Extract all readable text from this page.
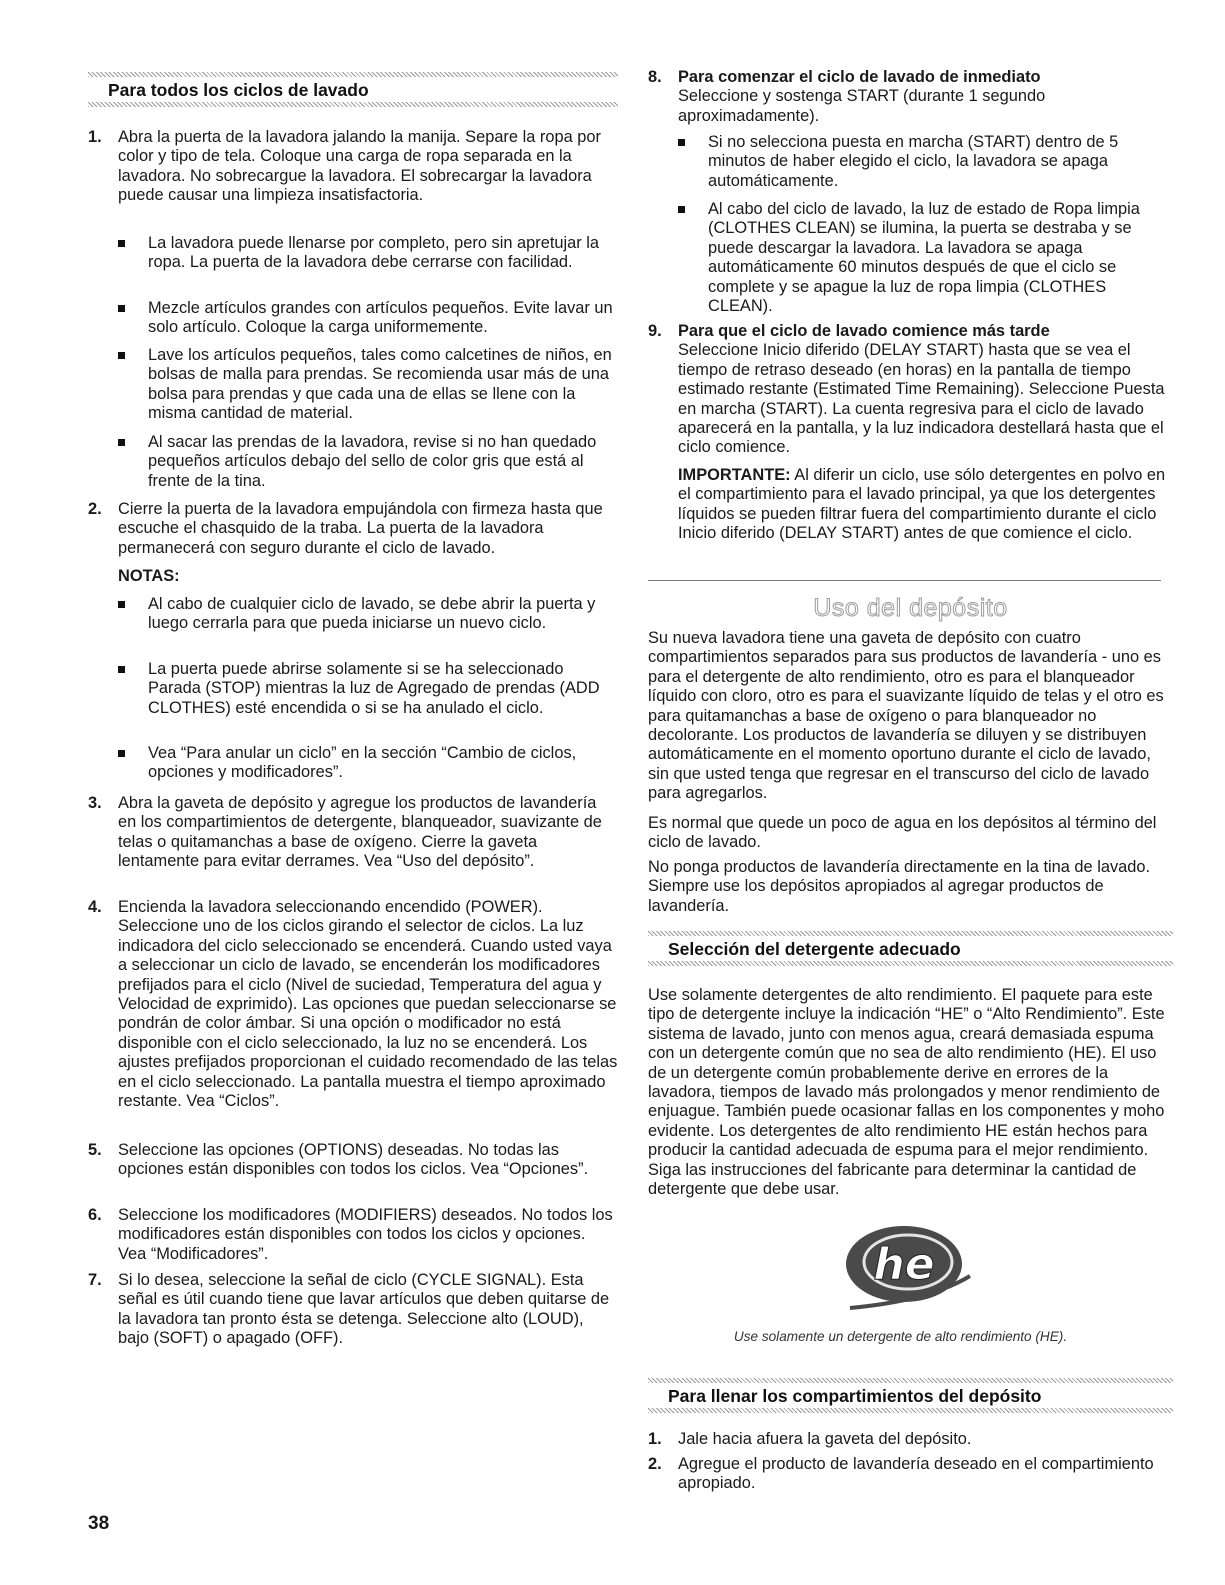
Para todos los ciclos de lavado
1. Abra la puerta de la lavadora jalando la manija. Separe la ropa por color y tipo de tela. Coloque una carga de ropa separada en la lavadora. No sobrecargue la lavadora. El sobrecargar la lavadora puede causar una limpieza insatisfactoria.
La lavadora puede llenarse por completo, pero sin apretujar la ropa. La puerta de la lavadora debe cerrarse con facilidad.
Mezcle artículos grandes con artículos pequeños. Evite lavar un solo artículo. Coloque la carga uniformemente.
Lave los artículos pequeños, tales como calcetines de niños, en bolsas de malla para prendas. Se recomienda usar más de una bolsa para prendas y que cada una de ellas se llene con la misma cantidad de material.
Al sacar las prendas de la lavadora, revise si no han quedado pequeños artículos debajo del sello de color gris que está al frente de la tina.
2. Cierre la puerta de la lavadora empujándola con firmeza hasta que escuche el chasquido de la traba. La puerta de la lavadora permanecerá con seguro durante el ciclo de lavado.
NOTAS:
Al cabo de cualquier ciclo de lavado, se debe abrir la puerta y luego cerrarla para que pueda iniciarse un nuevo ciclo.
La puerta puede abrirse solamente si se ha seleccionado Parada (STOP) mientras la luz de Agregado de prendas (ADD CLOTHES) esté encendida o si se ha anulado el ciclo.
Vea “Para anular un ciclo” en la sección “Cambio de ciclos, opciones y modificadores”.
3. Abra la gaveta de depósito y agregue los productos de lavandería en los compartimientos de detergente, blanqueador, suavizante de telas o quitamanchas a base de oxígeno. Cierre la gaveta lentamente para evitar derrames. Vea “Uso del depósito”.
4. Encienda la lavadora seleccionando encendido (POWER). Seleccione uno de los ciclos girando el selector de ciclos. La luz indicadora del ciclo seleccionado se encenderá. Cuando usted vaya a seleccionar un ciclo de lavado, se encenderán los modificadores prefijados para el ciclo (Nivel de suciedad, Temperatura del agua y Velocidad de exprimido). Las opciones que puedan seleccionarse se pondrán de color ámbar. Si una opción o modificador no está disponible con el ciclo seleccionado, la luz no se encenderá. Los ajustes prefijados proporcionan el cuidado recomendado de las telas en el ciclo seleccionado. La pantalla muestra el tiempo aproximado restante. Vea “Ciclos”.
5. Seleccione las opciones (OPTIONS) deseadas. No todas las opciones están disponibles con todos los ciclos. Vea “Opciones”.
6. Seleccione los modificadores (MODIFIERS) deseados. No todos los modificadores están disponibles con todos los ciclos y opciones. Vea “Modificadores”.
7. Si lo desea, seleccione la señal de ciclo (CYCLE SIGNAL). Esta señal es útil cuando tiene que lavar artículos que deben quitarse de la lavadora tan pronto ésta se detenga. Seleccione alto (LOUD), bajo (SOFT) o apagado (OFF).
8. Para comenzar el ciclo de lavado de inmediato
Seleccione y sostenga START (durante 1 segundo aproximadamente).
Si no selecciona puesta en marcha (START) dentro de 5 minutos de haber elegido el ciclo, la lavadora se apaga automáticamente.
Al cabo del ciclo de lavado, la luz de estado de Ropa limpia (CLOTHES CLEAN) se ilumina, la puerta se destraba y se puede descargar la lavadora. La lavadora se apaga automáticamente 60 minutos después de que el ciclo se complete y se apague la luz de ropa limpia (CLOTHES CLEAN).
9. Para que el ciclo de lavado comience más tarde
Seleccione Inicio diferido (DELAY START) hasta que se vea el tiempo de retraso deseado (en horas) en la pantalla de tiempo estimado restante (Estimated Time Remaining). Seleccione Puesta en marcha (START). La cuenta regresiva para el ciclo de lavado aparecerá en la pantalla, y la luz indicadora destellará hasta que el ciclo comience.

IMPORTANTE: Al diferir un ciclo, use sólo detergentes en polvo en el compartimiento para el lavado principal, ya que los detergentes líquidos se pueden filtrar fuera del compartimiento durante el ciclo Inicio diferido (DELAY START) antes de que comience el ciclo.

Uso del depósito

Su nueva lavadora tiene una gaveta de depósito con cuatro compartimientos separados para sus productos de lavandería - uno es para el detergente de alto rendimiento, otro es para el blanqueador líquido con cloro, otro es para el suavizante líquido de telas y el otro es para quitamanchas a base de oxígeno o para blanqueador no decolorante. Los productos de lavandería se diluyen y se distribuyen automáticamente en el momento oportuno durante el ciclo de lavado, sin que usted tenga que regresar en el transcurso del ciclo de lavado para agregarlos.

Es normal que quede un poco de agua en los depósitos al término del ciclo de lavado.

No ponga productos de lavandería directamente en la tina de lavado. Siempre use los depósitos apropiados al agregar productos de lavandería.

Selección del detergente adecuado

Use solamente detergentes de alto rendimiento. El paquete para este tipo de detergente incluye la indicación “HE” o “Alto Rendimiento”. Este sistema de lavado, junto con menos agua, creará demasiada espuma con un detergente común que no sea de alto rendimiento (HE). El uso de un detergente común probablemente derive en errores de la lavadora, tiempos de lavado más prolongados y menor rendimiento de enjuague. También puede ocasionar fallas en los componentes y moho evidente. Los detergentes de alto rendimiento HE están hechos para producir la cantidad adecuada de espuma para el mejor rendimiento. Siga las instrucciones del fabricante para determinar la cantidad de detergente que debe usar.

Para llenar los compartimientos del depósito
1. Jale hacia afuera la gaveta del depósito.
2. Agregue el producto de lavandería deseado en el compartimiento apropiado.
he
Use solamente un detergente de alto rendimiento (HE).
38
